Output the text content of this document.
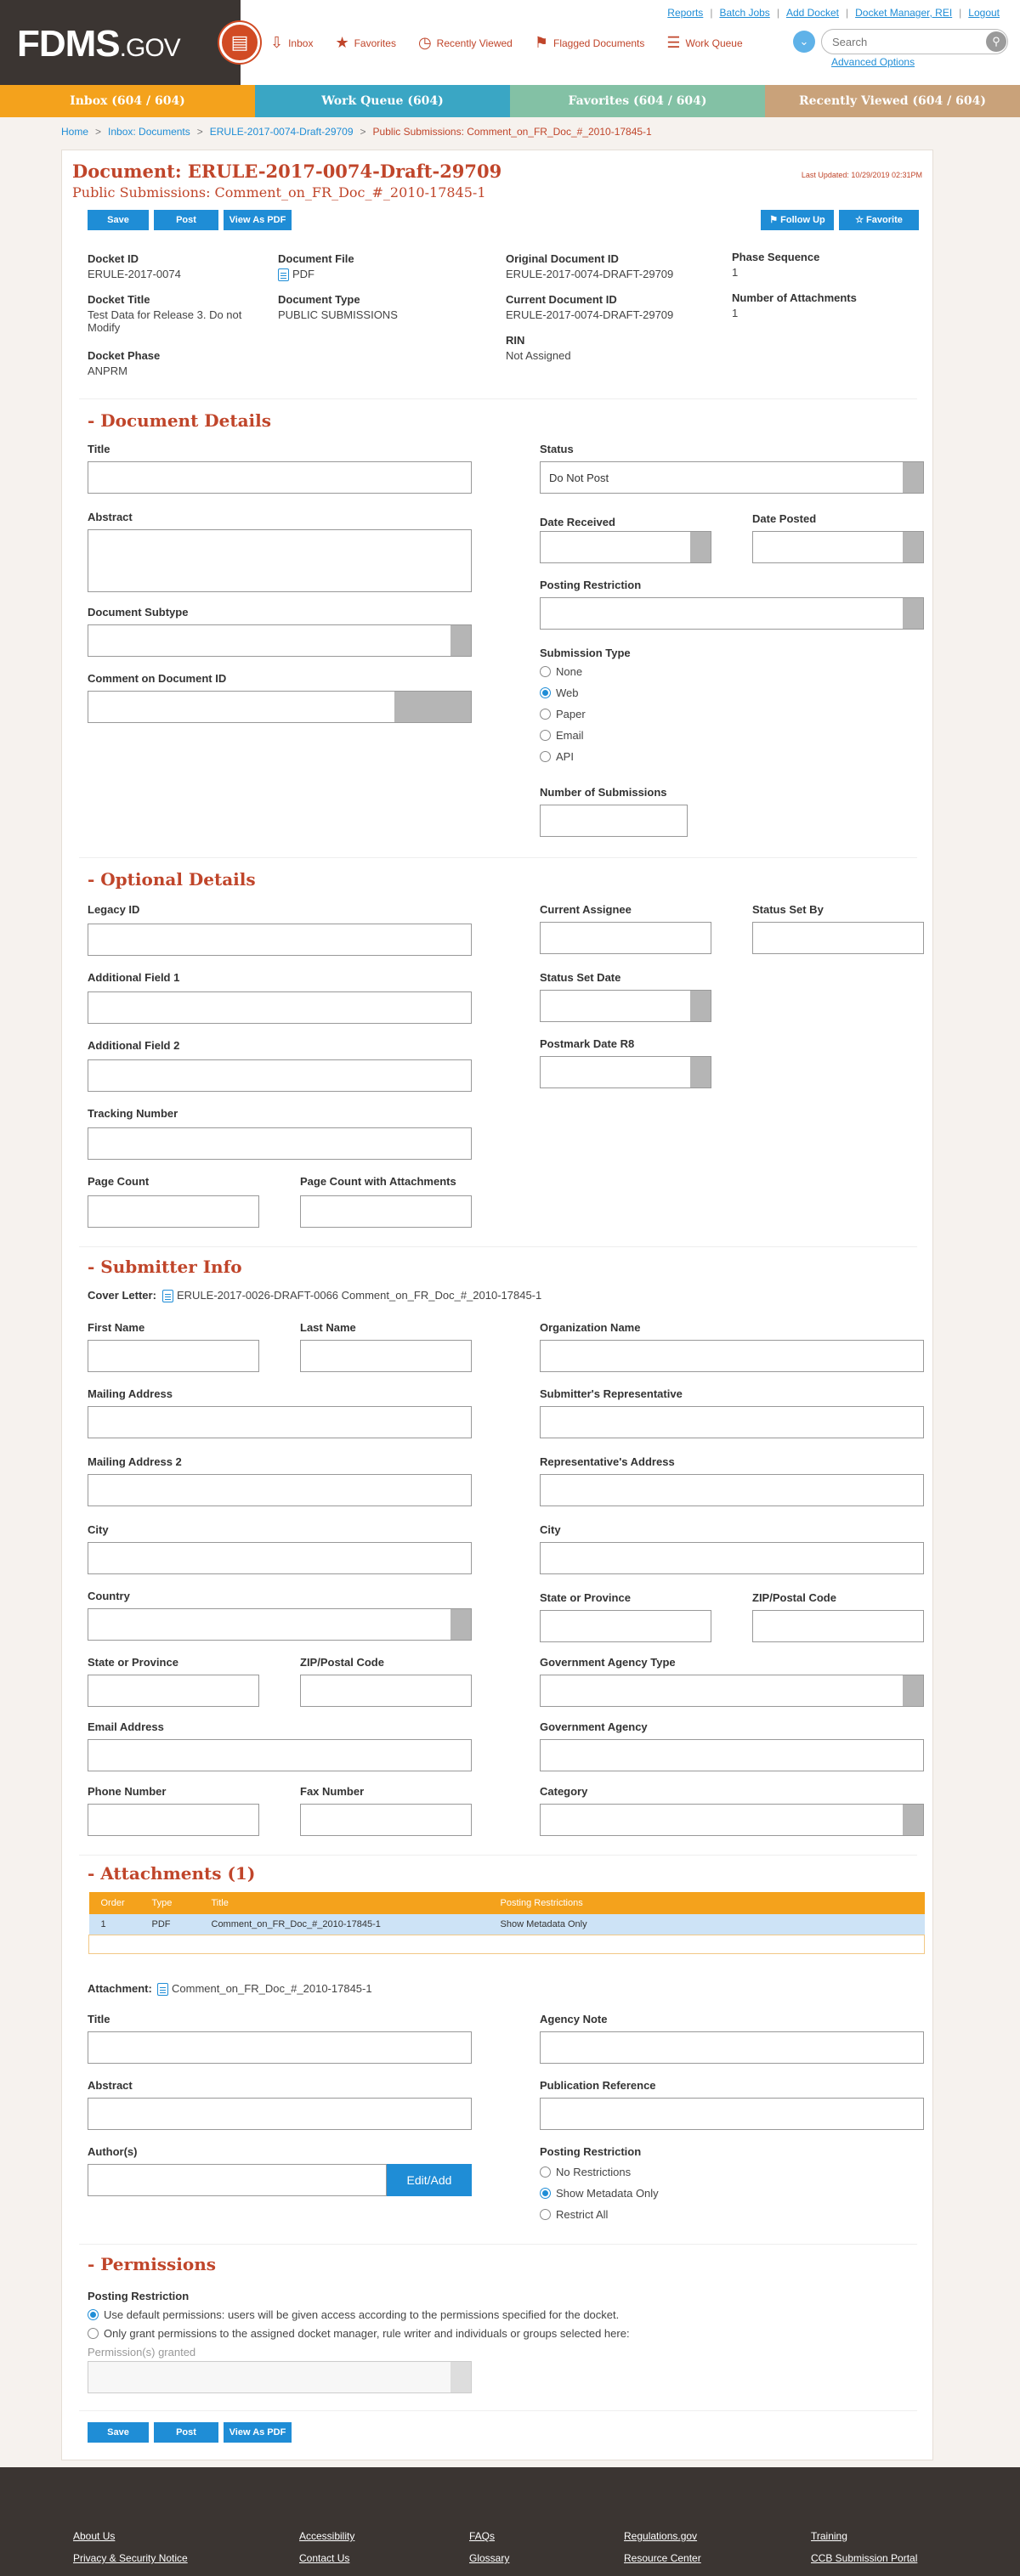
FDMS.GOV	▤	⇩ Inbox ★ Favorites ◷ Recently Viewed ⚑ Flagged Documents ☰ Work Queue
Reports | Batch Jobs | Add Docket | Docket Manager, REI | Logout
⌄
Search	⚲
Advanced Options
Inbox (604 / 604)	Work Queue (604)	Favorites (604 / 604)	Recently Viewed (604 / 604)
Home > Inbox: Documents > ERULE-2017-0074-Draft-29709 > Public Submissions: Comment_on_FR_Doc_#_2010-17845-1
Document: ERULE-2017-0074-Draft-29709
Public Submissions: Comment_on_FR_Doc_#_2010-17845-1
Last Updated: 10/29/2019 02:31PM
Save	Post	View As PDF	⚑ Follow Up	☆ Favorite
Docket ID
ERULE-2017-0074
Docket Title
Test Data for Release 3. Do not Modify
Docket Phase
ANPRM
Document File
PDF
Document Type
PUBLIC SUBMISSIONS
Original Document ID
ERULE-2017-0074-DRAFT-29709
Current Document ID
ERULE-2017-0074-DRAFT-29709
RIN
Not Assigned
Phase Sequence
1
Number of Attachments
1
- Document Details
Title
Abstract
Document Subtype
Comment on Document ID
Status
Do Not Post
Date Received	Date Posted
Posting Restriction
Submission Type
None
Web
Paper
Email
API
Number of Submissions
- Optional Details
Legacy ID
Additional Field 1
Additional Field 2
Tracking Number
Page Count	Page Count with Attachments
Current Assignee	Status Set By
Status Set Date
Postmark Date R8
- Submitter Info
Cover Letter:	ERULE-2017-0026-DRAFT-0066 Comment_on_FR_Doc_#_2010-17845-1
First Name	Last Name	Organization Name
Mailing Address	Submitter's Representative
Mailing Address 2	Representative's Address
City	City
Country	State or Province	ZIP/Postal Code
State or Province	ZIP/Postal Code	Government Agency Type
Email Address	Government Agency
Phone Number	Fax Number	Category
- Attachments (1)
Order	Type	Title	Posting Restrictions
1	PDF	Comment_on_FR_Doc_#_2010-17845-1	Show Metadata Only

Attachment:	Comment_on_FR_Doc_#_2010-17845-1
Title	Agency Note
Abstract	Publication Reference
Author(s)
Edit/Add
Posting Restriction
No Restrictions
Show Metadata Only
Restrict All
- Permissions
Posting Restriction
Use default permissions: users will be given access according to the permissions specified for the docket.
Only grant permissions to the assigned docket manager, rule writer and individuals or groups selected here:
Permission(s) granted
Save	Post	View As PDF
About Us
Privacy & Security Notice
Accessibility
Contact Us
FAQs
Glossary
Regulations.gov
Resource Center
Training
CCB Submission Portal
